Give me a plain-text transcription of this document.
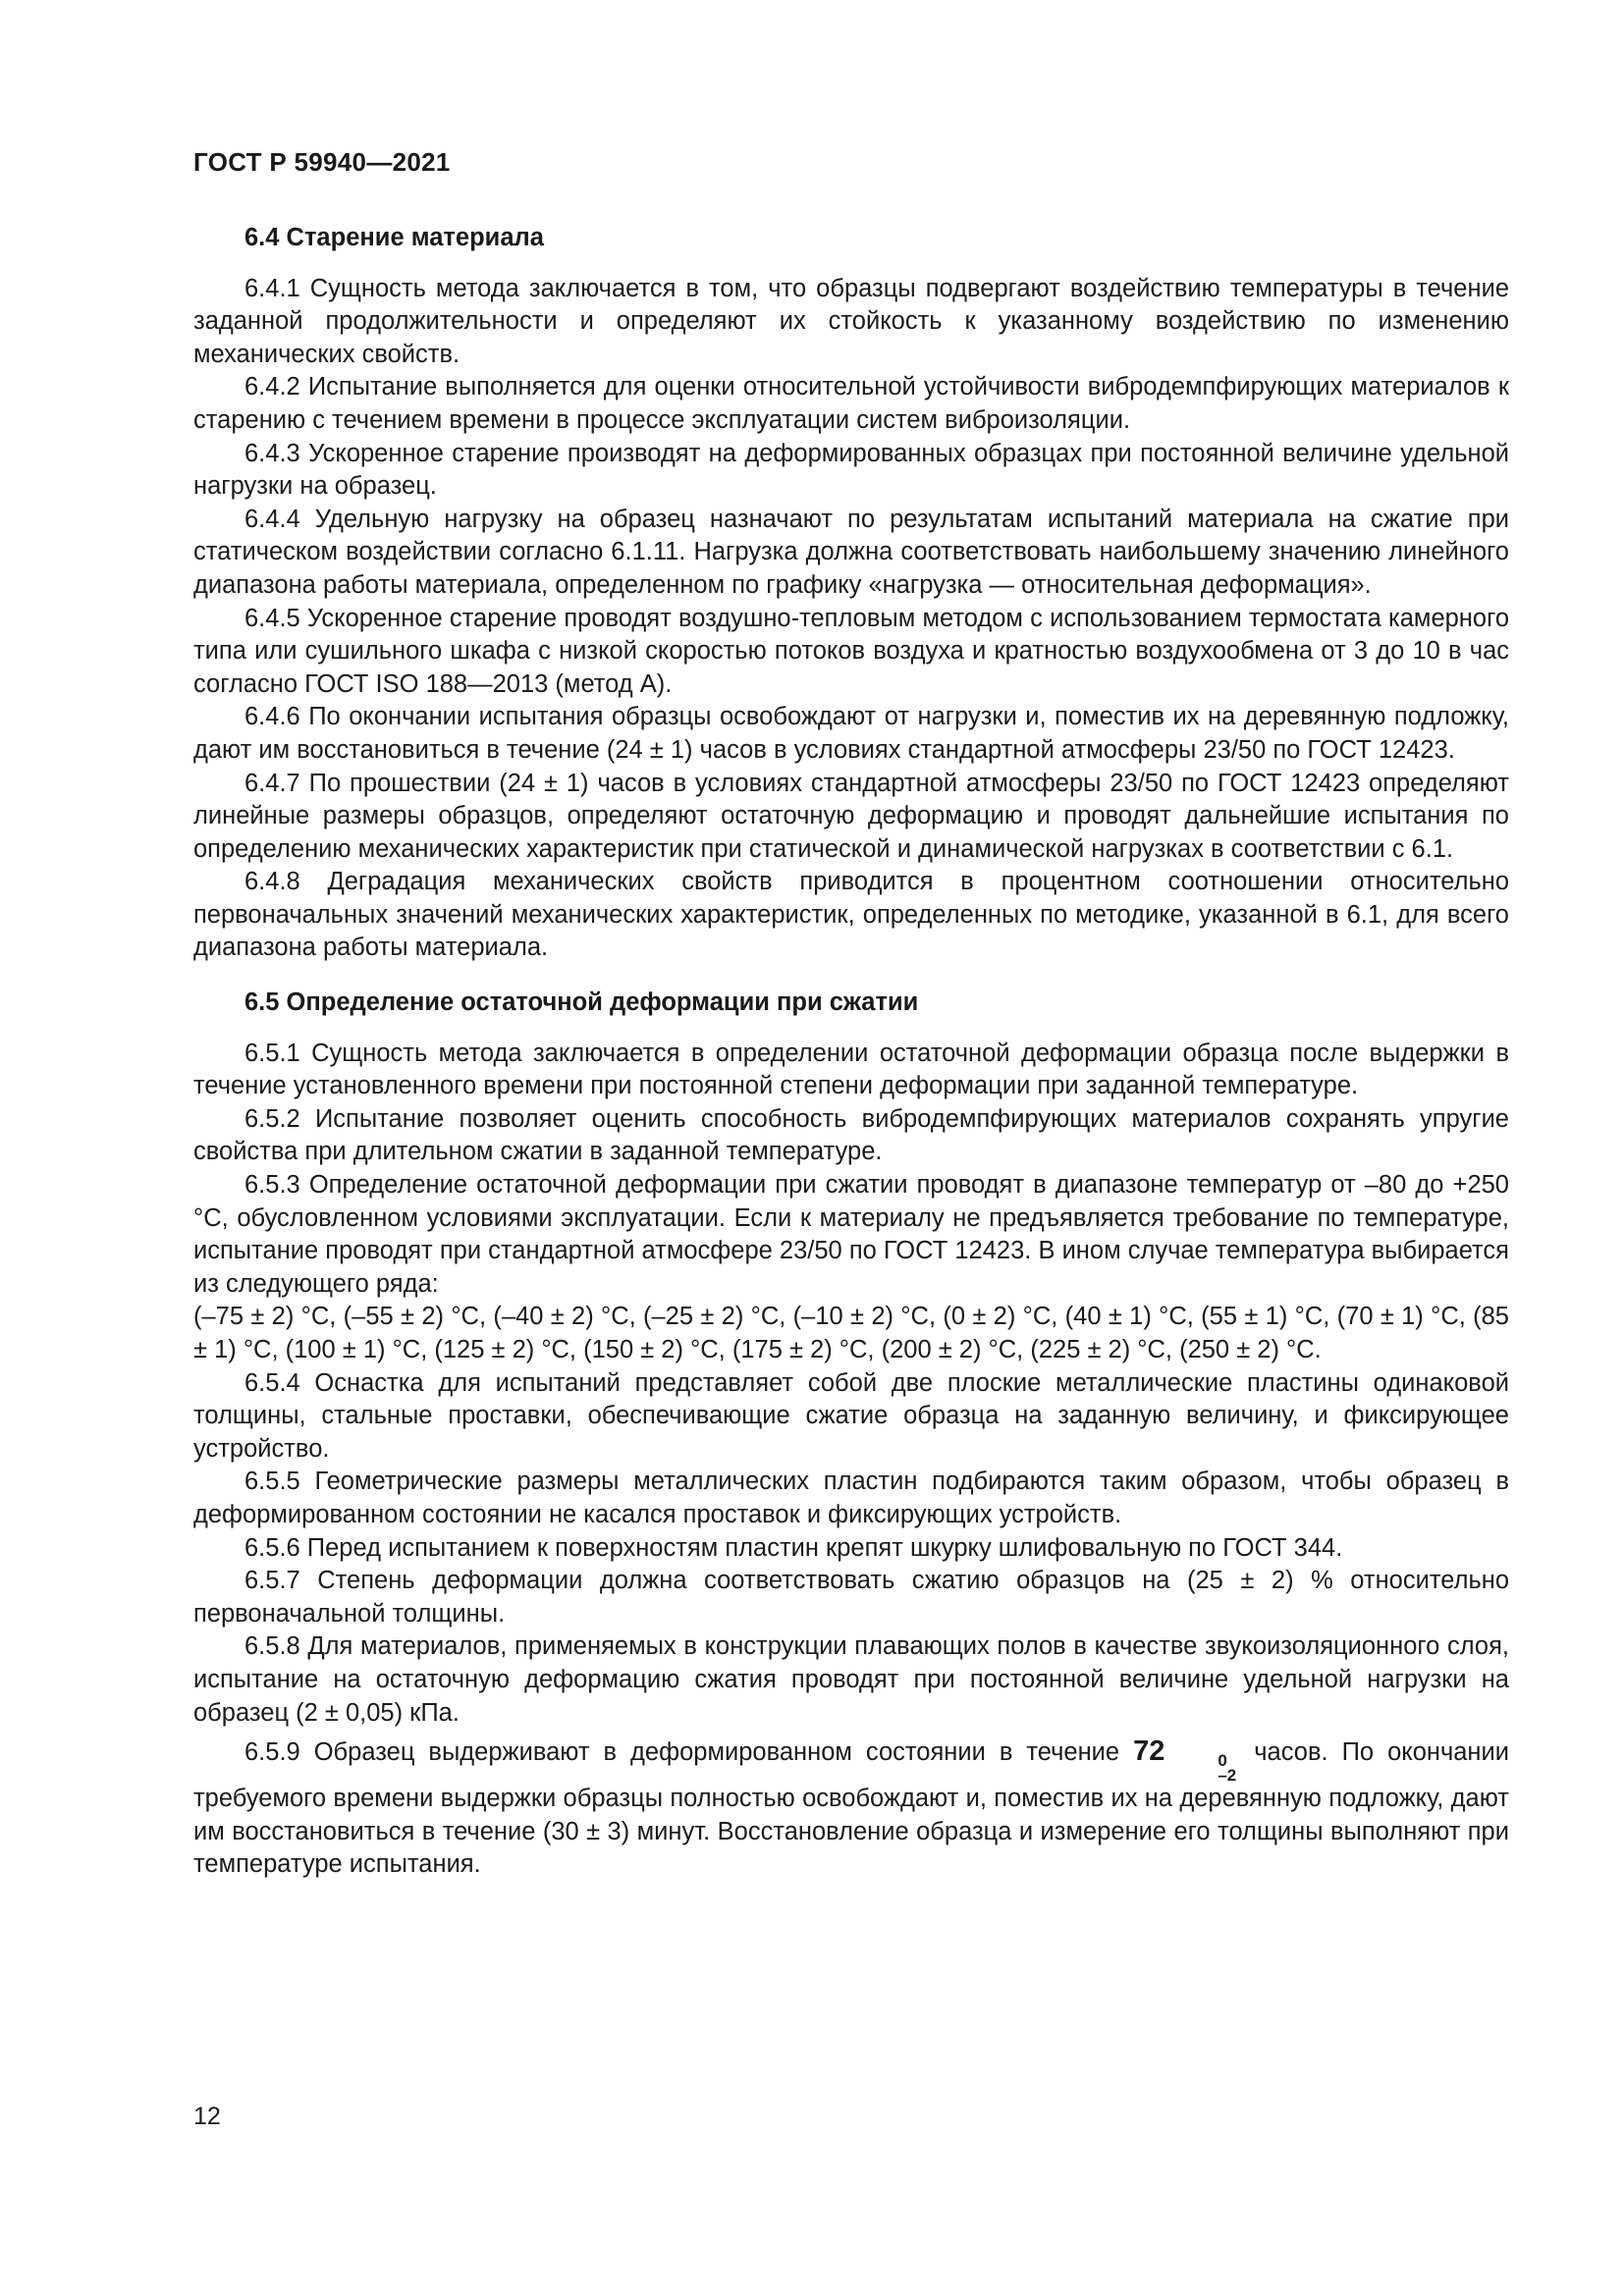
ГОСТ Р 59940—2021
6.4 Старение материала

6.4.1 Сущность метода заключается в том, что образцы подвергают воздействию температуры в течение заданной продолжительности и определяют их стойкость к указанному воздействию по изменению механических свойств.

6.4.2 Испытание выполняется для оценки относительной устойчивости вибродемпфирующих материалов к старению с течением времени в процессе эксплуатации систем виброизоляции.

6.4.3 Ускоренное старение производят на деформированных образцах при постоянной величине удельной нагрузки на образец.

6.4.4 Удельную нагрузку на образец назначают по результатам испытаний материала на сжатие при статическом воздействии согласно 6.1.11. Нагрузка должна соответствовать наибольшему значению линейного диапазона работы материала, определенном по графику «нагрузка — относительная деформация».

6.4.5 Ускоренное старение проводят воздушно-тепловым методом с использованием термостата камерного типа или сушильного шкафа с низкой скоростью потоков воздуха и кратностью воздухообмена от 3 до 10 в час согласно ГОСТ ISO 188—2013 (метод А).

6.4.6 По окончании испытания образцы освобождают от нагрузки и, поместив их на деревянную подложку, дают им восстановиться в течение (24 ± 1) часов в условиях стандартной атмосферы 23/50 по ГОСТ 12423.

6.4.7 По прошествии (24 ± 1) часов в условиях стандартной атмосферы 23/50 по ГОСТ 12423 определяют линейные размеры образцов, определяют остаточную деформацию и проводят дальнейшие испытания по определению механических характеристик при статической и динамической нагрузках в соответствии с 6.1.

6.4.8 Деградация механических свойств приводится в процентном соотношении относительно первоначальных значений механических характеристик, определенных по методике, указанной в 6.1, для всего диапазона работы материала.

6.5 Определение остаточной деформации при сжатии

6.5.1 Сущность метода заключается в определении остаточной деформации образца после выдержки в течение установленного времени при постоянной степени деформации при заданной температуре.

6.5.2 Испытание позволяет оценить способность вибродемпфирующих материалов сохранять упругие свойства при длительном сжатии в заданной температуре.

6.5.3 Определение остаточной деформации при сжатии проводят в диапазоне температур от –80 до +250 °С, обусловленном условиями эксплуатации. Если к материалу не предъявляется требование по температуре, испытание проводят при стандартной атмосфере 23/50 по ГОСТ 12423. В ином случае температура выбирается из следующего ряда:

(–75 ± 2) °С, (–55 ± 2) °С, (–40 ± 2) °С, (–25 ± 2) °С, (–10 ± 2) °С, (0 ± 2) °С, (40 ± 1) °С, (55 ± 1) °С, (70 ± 1) °С, (85 ± 1) °С, (100 ± 1) °С, (125 ± 2) °С, (150 ± 2) °С, (175 ± 2) °С, (200 ± 2) °С, (225 ± 2) °С, (250 ± 2) °С.

6.5.4 Оснастка для испытаний представляет собой две плоские металлические пластины одинаковой толщины, стальные проставки, обеспечивающие сжатие образца на заданную величину, и фиксирующее устройство.

6.5.5 Геометрические размеры металлических пластин подбираются таким образом, чтобы образец в деформированном состоянии не касался проставок и фиксирующих устройств.

6.5.6 Перед испытанием к поверхностям пластин крепят шкурку шлифовальную по ГОСТ 344.

6.5.7 Степень деформации должна соответствовать сжатию образцов на (25 ± 2) % относительно первоначальной толщины.

6.5.8 Для материалов, применяемых в конструкции плавающих полов в качестве звукоизоляционного слоя, испытание на остаточную деформацию сжатия проводят при постоянной величине удельной нагрузки на образец (2 ± 0,05) кПа.

6.5.9 Образец выдерживают в деформированном состоянии в течение 72	0
–2
часов. По окончании требуемого времени выдержки образцы полностью освобождают и, поместив их на деревянную подложку, дают им восстановиться в течение (30 ± 3) минут. Восстановление образца и измерение его толщины выполняют при температуре испытания.

12
